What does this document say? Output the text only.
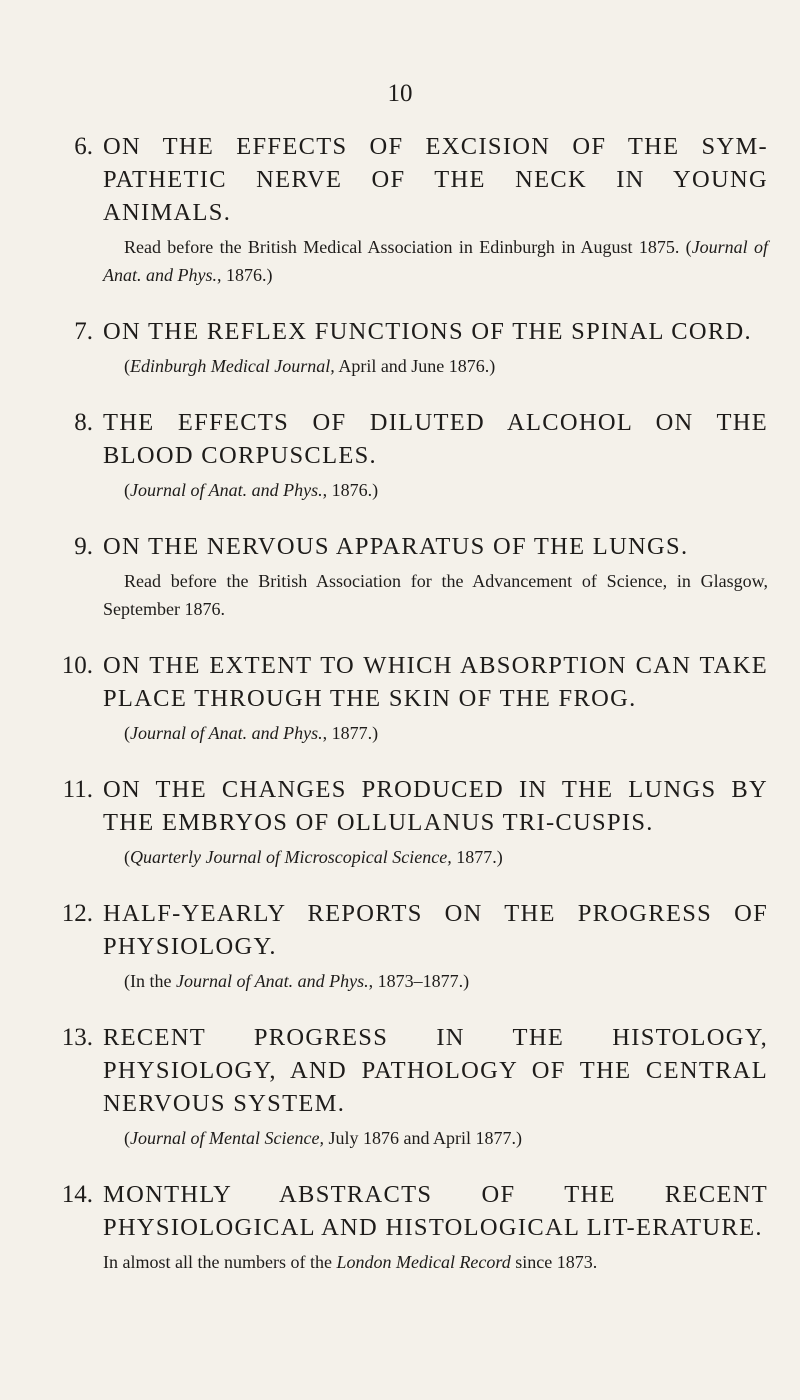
10
6. ON THE EFFECTS OF EXCISION OF THE SYM-PATHETIC NERVE OF THE NECK IN YOUNG ANIMALS.
Read before the British Medical Association in Edinburgh in August 1875. (Journal of Anat. and Phys., 1876.)
7. ON THE REFLEX FUNCTIONS OF THE SPINAL CORD.
(Edinburgh Medical Journal, April and June 1876.)
8. THE EFFECTS OF DILUTED ALCOHOL ON THE BLOOD CORPUSCLES.
(Journal of Anat. and Phys., 1876.)
9. ON THE NERVOUS APPARATUS OF THE LUNGS.
Read before the British Association for the Advancement of Science, in Glasgow, September 1876.
10. ON THE EXTENT TO WHICH ABSORPTION CAN TAKE PLACE THROUGH THE SKIN OF THE FROG.
(Journal of Anat. and Phys., 1877.)
11. ON THE CHANGES PRODUCED IN THE LUNGS BY THE EMBRYOS OF OLLULANUS TRI-CUSPIS.
(Quarterly Journal of Microscopical Science, 1877.)
12. HALF-YEARLY REPORTS ON THE PROGRESS OF PHYSIOLOGY.
(In the Journal of Anat. and Phys., 1873–1877.)
13. RECENT PROGRESS IN THE HISTOLOGY, PHYSIOLOGY, AND PATHOLOGY OF THE CENTRAL NERVOUS SYSTEM.
(Journal of Mental Science, July 1876 and April 1877.)
14. MONTHLY ABSTRACTS OF THE RECENT PHYSIOLOGICAL AND HISTOLOGICAL LIT-ERATURE.
In almost all the numbers of the London Medical Record since 1873.
